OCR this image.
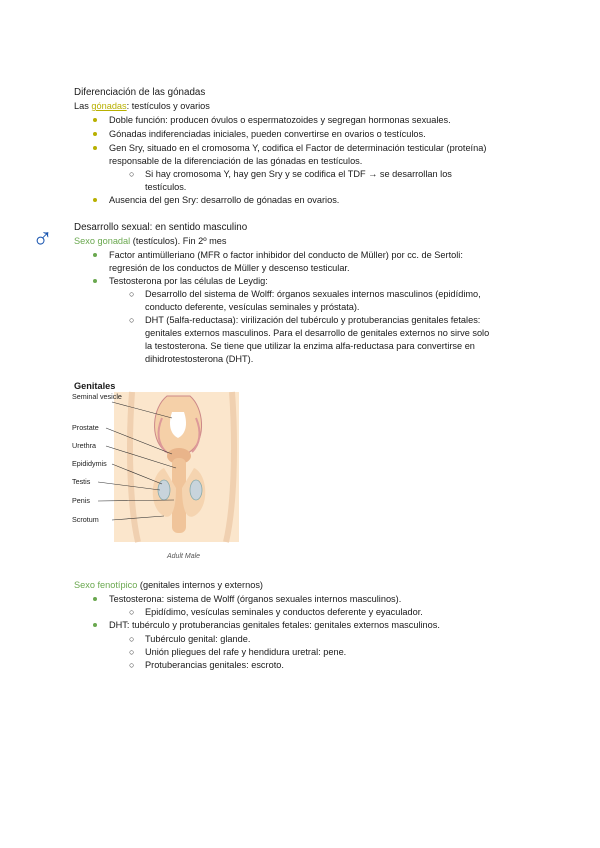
Diferenciación de las gónadas
Las gónadas: testículos y ovarios
Doble función: producen óvulos o espermatozoides y segregan hormonas sexuales.
Gónadas indiferenciadas iniciales, pueden convertirse en ovarios o testículos.
Gen Sry, situado en el cromosoma Y, codifica el Factor de determinación testicular (proteína)
responsable de la diferenciación de las gónadas en testículos.
○ Si hay cromosoma Y, hay gen Sry y se codifica el TDF → se desarrollan los
testículos.
Ausencia del gen Sry: desarrollo de gónadas en ovarios.
Desarrollo sexual: en sentido masculino
♂ Sexo gonadal (testículos). Fin 2º mes
Factor antimülleriano (MFR o factor inhibidor del conducto de Müller) por cc. de Sertoli:
regresión de los conductos de Müller y descenso testicular.
Testosterona por las células de Leydig:
○ Desarrollo del sistema de Wolff: órganos sexuales internos masculinos (epidídimo,
conducto deferente, vesículas seminales y próstata).
○ DHT (5alfa-reductasa): virilización del tubérculo y protuberancias genitales fetales:
genitales externos masculinos. Para el desarrollo de genitales externos no sirve solo
la testosterona. Se tiene que utilizar la enzima alfa-reductasa para convertirse en
dihidrotestosterona (DHT).
Genitales
Seminal vesicle
Prostate
Urethra
Epididymis
Testis
Penis
Scrotum
Adult Male
Sexo fenotípico (genitales internos y externos)
Testosterona: sistema de Wolff (órganos sexuales internos masculinos).
○ Epidídimo, vesículas seminales y conductos deferente y eyaculador.
DHT: tubérculo y protuberancias genitales fetales: genitales externos masculinos.
○ Tubérculo genital: glande.
○ Unión pliegues del rafe y hendidura uretral: pene.
○ Protuberancias genitales: escroto.
